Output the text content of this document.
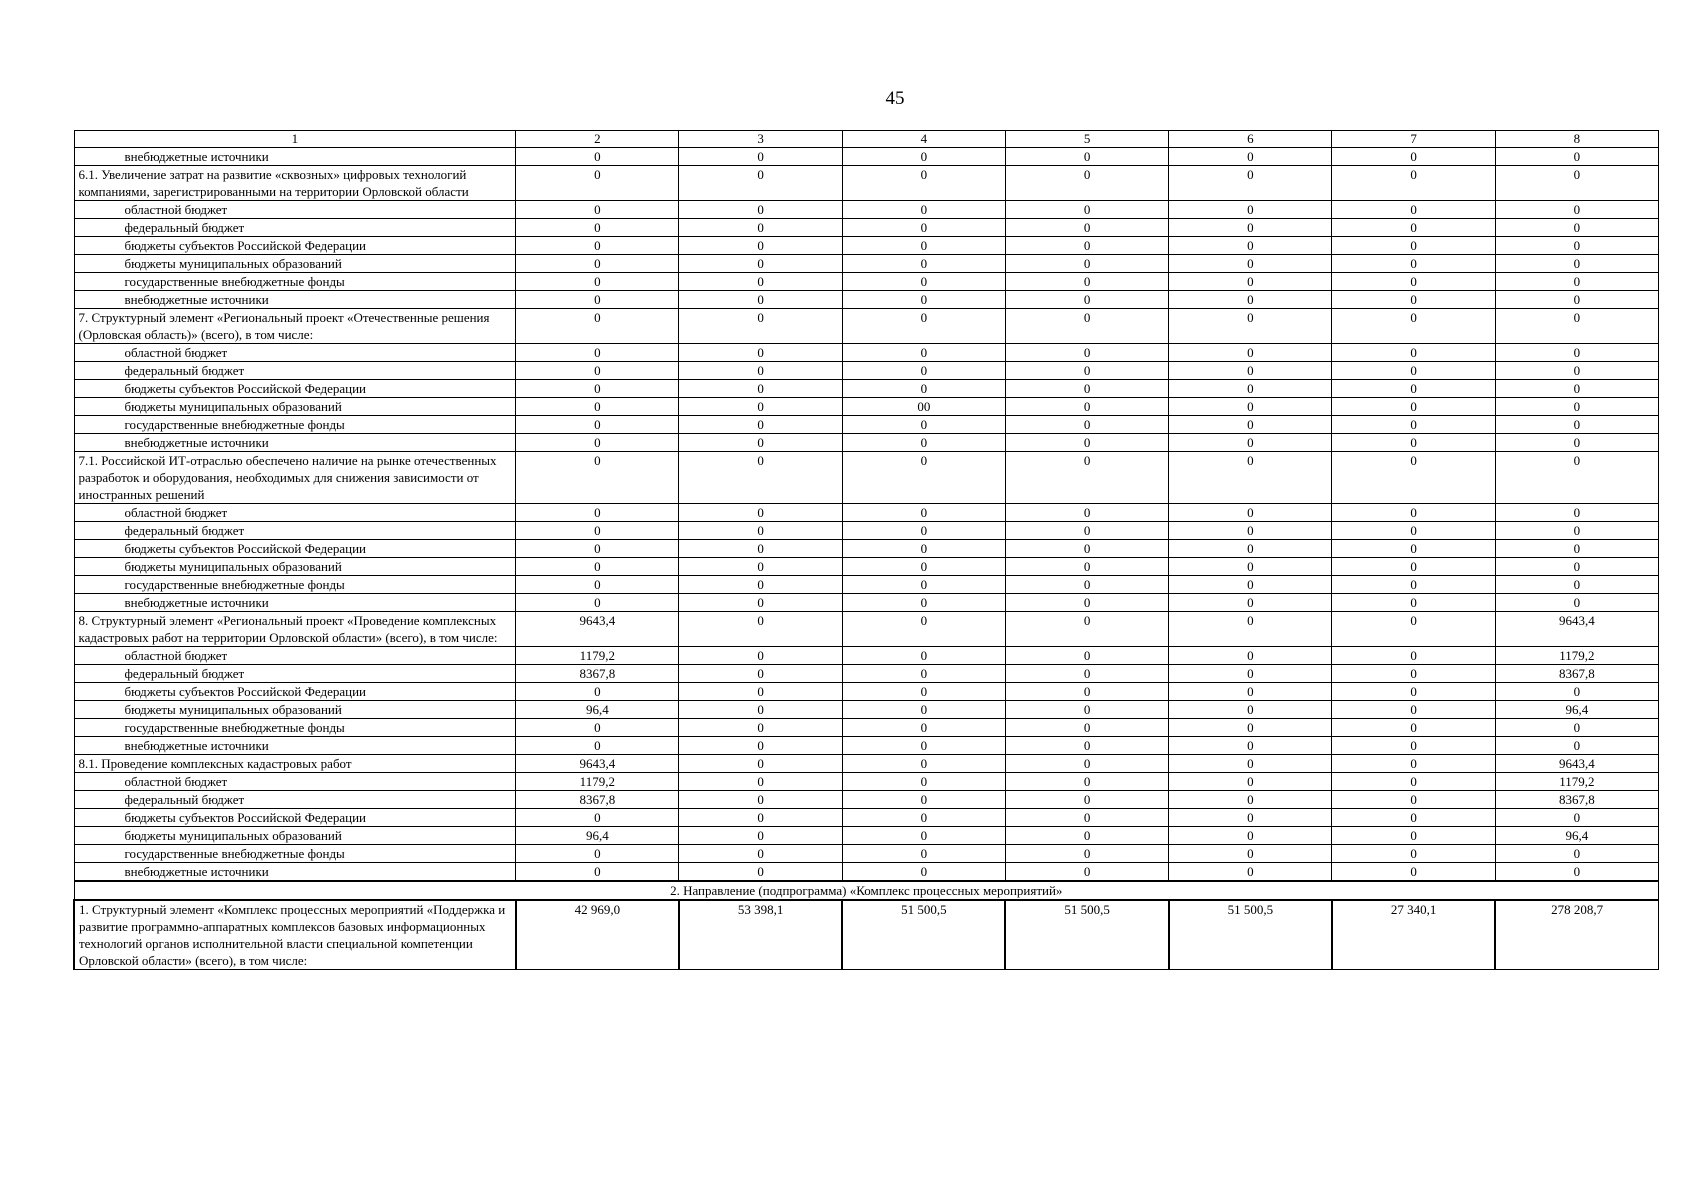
45
1	2	3	4	5	6	7	8
внебюджетные источники	0	0	0	0	0	0	0
6.1. Увеличение затрат на развитие «сквозных» цифровых технологий компаниями, зарегистрированными на территории Орловской области	0	0	0	0	0	0	0
областной бюджет	0	0	0	0	0	0	0
федеральный бюджет	0	0	0	0	0	0	0
бюджеты субъектов Российской Федерации	0	0	0	0	0	0	0
бюджеты муниципальных образований	0	0	0	0	0	0	0
государственные внебюджетные фонды	0	0	0	0	0	0	0
внебюджетные источники	0	0	0	0	0	0	0
7. Структурный элемент «Региональный проект «Отечественные решения (Орловская область)» (всего), в том числе:	0	0	0	0	0	0	0
областной бюджет	0	0	0	0	0	0	0
федеральный бюджет	0	0	0	0	0	0	0
бюджеты субъектов Российской Федерации	0	0	0	0	0	0	0
бюджеты муниципальных образований	0	0	00	0	0	0	0
государственные внебюджетные фонды	0	0	0	0	0	0	0
внебюджетные источники	0	0	0	0	0	0	0
7.1. Российской ИТ-отраслью обеспечено наличие на рынке отечественных разработок и оборудования, необходимых для снижения зависимости от иностранных решений	0	0	0	0	0	0	0
областной бюджет	0	0	0	0	0	0	0
федеральный бюджет	0	0	0	0	0	0	0
бюджеты субъектов Российской Федерации	0	0	0	0	0	0	0
бюджеты муниципальных образований	0	0	0	0	0	0	0
государственные внебюджетные фонды	0	0	0	0	0	0	0
внебюджетные источники	0	0	0	0	0	0	0
8. Структурный элемент «Региональный проект «Проведение комплексных кадастровых работ на территории Орловской области» (всего), в том числе:	9643,4	0	0	0	0	0	9643,4
областной бюджет	1179,2	0	0	0	0	0	1179,2
федеральный бюджет	8367,8	0	0	0	0	0	8367,8
бюджеты субъектов Российской Федерации	0	0	0	0	0	0	0
бюджеты муниципальных образований	96,4	0	0	0	0	0	96,4
государственные внебюджетные фонды	0	0	0	0	0	0	0
внебюджетные источники	0	0	0	0	0	0	0
8.1. Проведение комплексных кадастровых работ	9643,4	0	0	0	0	0	9643,4
областной бюджет	1179,2	0	0	0	0	0	1179,2
федеральный бюджет	8367,8	0	0	0	0	0	8367,8
бюджеты субъектов Российской Федерации	0	0	0	0	0	0	0
бюджеты муниципальных образований	96,4	0	0	0	0	0	96,4
государственные внебюджетные фонды	0	0	0	0	0	0	0
внебюджетные источники	0	0	0	0	0	0	0
2. Направление (подпрограмма) «Комплекс процессных мероприятий»							
1. Структурный элемент «Комплекс процессных мероприятий «Поддержка и развитие программно-аппаратных комплексов базовых информационных технологий органов исполнительной власти специальной компетенции Орловской области» (всего), в том числе:	42 969,0	53 398,1	51 500,5	51 500,5	51 500,5	27 340,1	278 208,7
